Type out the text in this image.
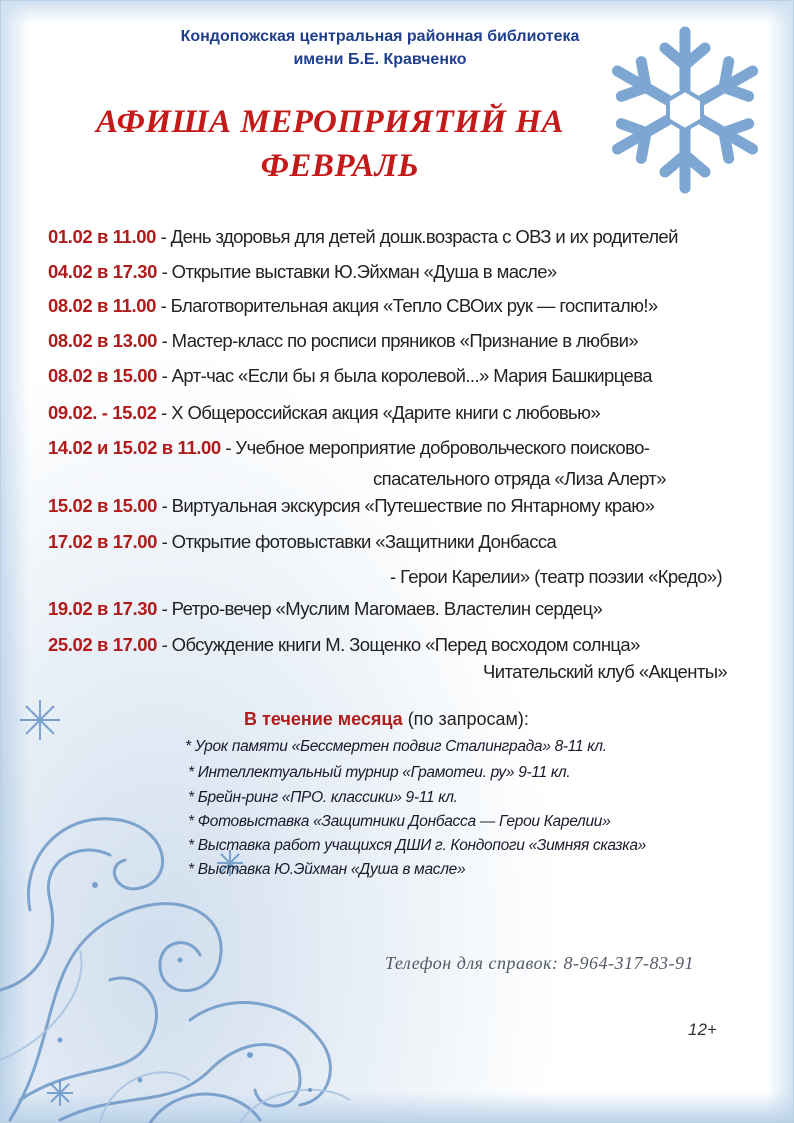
Кондопожская центральная районная библиотека
имени Б.Е. Кравченко
АФИША МЕРОПРИЯТИЙ НА
ФЕВРАЛЬ
01.02 в 11.00 - День здоровья для детей дошк.возраста с ОВЗ и их родителей
04.02 в 17.30 - Открытие выставки Ю.Эйхман «Душа в масле»
08.02 в 11.00 - Благотворительная акция «Тепло СВОих рук — госпиталю!»
08.02 в 13.00 - Мастер-класс по росписи пряников «Признание в любви»
08.02 в 15.00 - Арт-час «Если бы я была королевой...» Мария Башкирцева
09.02. - 15.02 - X Общероссийская акция «Дарите книги с любовью»
14.02 и 15.02 в 11.00 - Учебное мероприятие добровольческого поисково-
спасательного отряда «Лиза Алерт»
15.02 в 15.00 - Виртуальная экскурсия «Путешествие по Янтарному краю»
17.02 в 17.00 - Открытие фотовыставки «Защитники Донбасса
- Герои Карелии» (театр поэзии «Кредо»)
19.02 в 17.30 - Ретро-вечер «Муслим Магомаев. Властелин сердец»
25.02 в 17.00 - Обсуждение книги М. Зощенко «Перед восходом солнца»
Читательский клуб «Акценты»
В течение месяца (по запросам):
* Урок памяти «Бессмертен подвиг Сталинграда» 8-11 кл.
* Интеллектуальный турнир «Грамотеи. ру» 9-11 кл.
* Брейн-ринг «ПРО. классики» 9-11 кл.
* Фотовыставка «Защитники Донбасса — Герои Карелии»
* Выставка работ учащихся ДШИ г. Кондопоги «Зимняя сказка»
* Выставка Ю.Эйхман «Душа в масле»
Телефон для справок: 8-964-317-83-91
12+
